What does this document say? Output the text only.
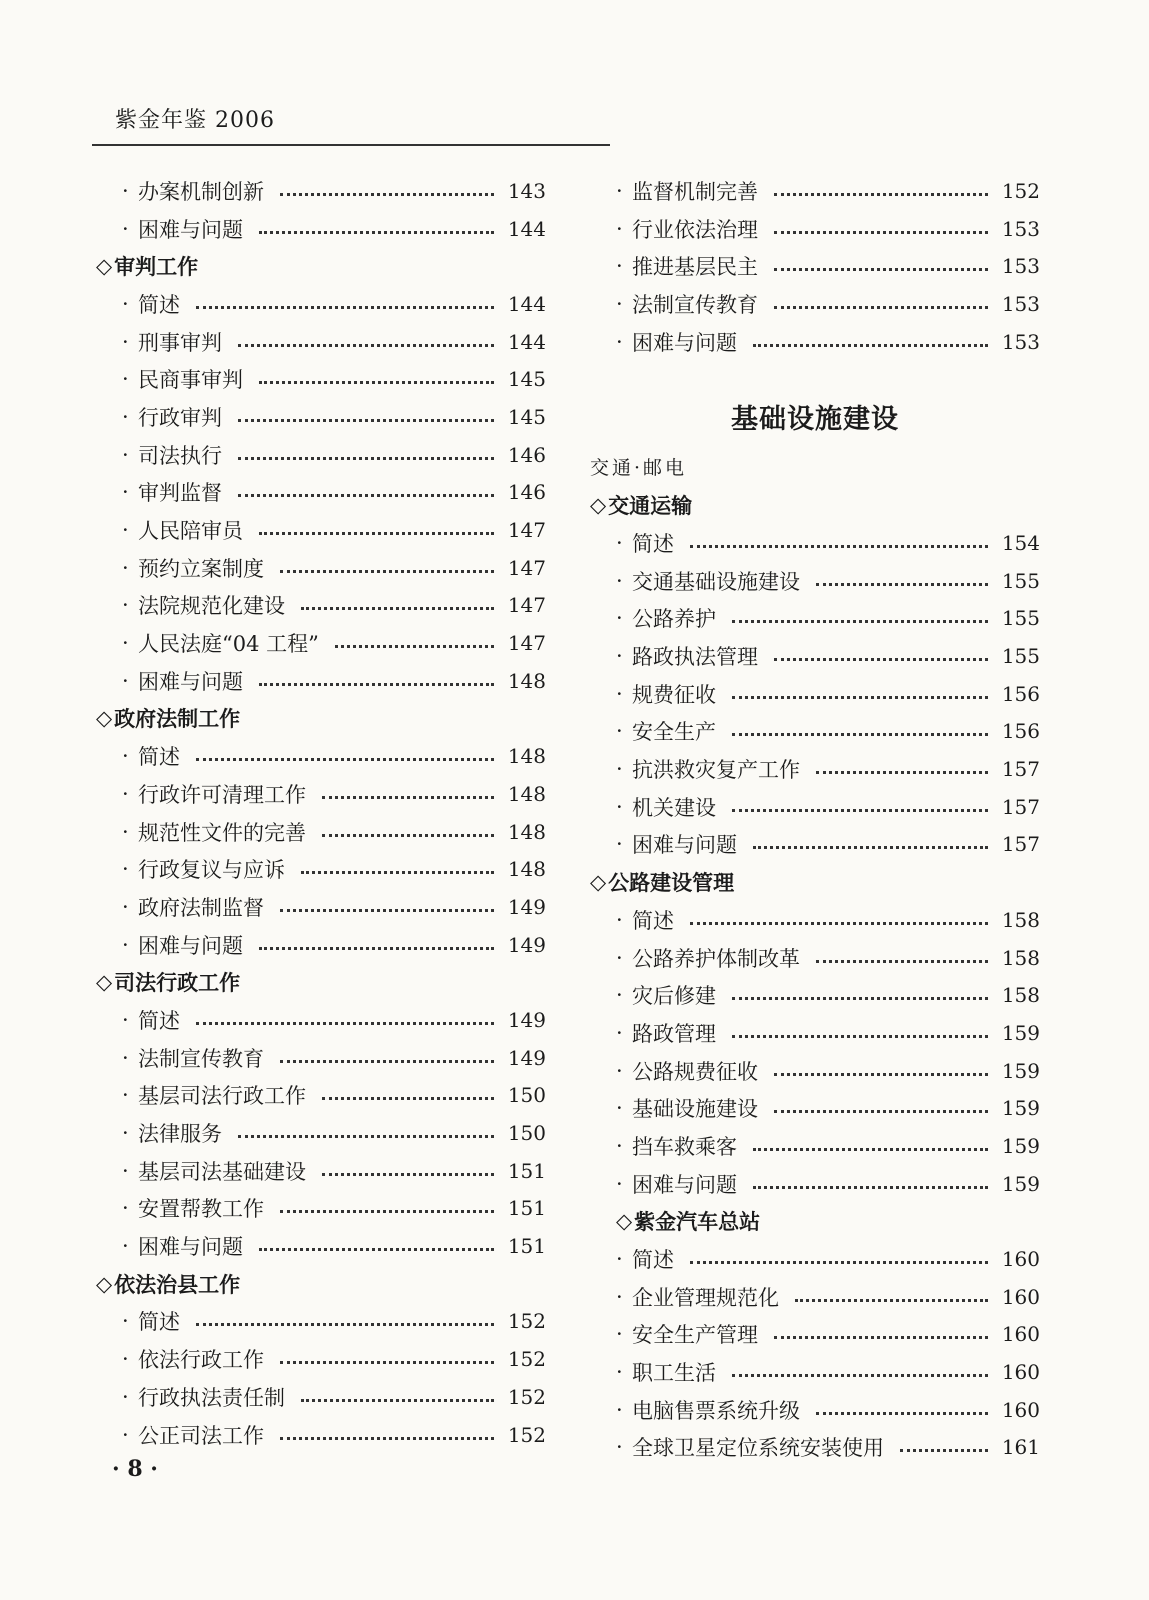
紫金年鉴 2006
· 办案机制创新	143
· 困难与问题	144
◇ 审判工作
· 简述	144
· 刑事审判	144
· 民商事审判	145
· 行政审判	145
· 司法执行	146
· 审判监督	146
· 人民陪审员	147
· 预约立案制度	147
· 法院规范化建设	147
· 人民法庭“04 工程”	147
· 困难与问题	148
◇ 政府法制工作
· 简述	148
· 行政许可清理工作	148
· 规范性文件的完善	148
· 行政复议与应诉	148
· 政府法制监督	149
· 困难与问题	149
◇ 司法行政工作
· 简述	149
· 法制宣传教育	149
· 基层司法行政工作	150
· 法律服务	150
· 基层司法基础建设	151
· 安置帮教工作	151
· 困难与问题	151
◇ 依法治县工作
· 简述	152
· 依法行政工作	152
· 行政执法责任制	152
· 公正司法工作	152
· 监督机制完善	152
· 行业依法治理	153
· 推进基层民主	153
· 法制宣传教育	153
· 困难与问题	153
基础设施建设
交通·邮电
◇ 交通运输
· 简述	154
· 交通基础设施建设	155
· 公路养护	155
· 路政执法管理	155
· 规费征收	156
· 安全生产	156
· 抗洪救灾复产工作	157
· 机关建设	157
· 困难与问题	157
◇ 公路建设管理
· 简述	158
· 公路养护体制改革	158
· 灾后修建	158
· 路政管理	159
· 公路规费征收	159
· 基础设施建设	159
· 挡车救乘客	159
· 困难与问题	159
◇ 紫金汽车总站
· 简述	160
· 企业管理规范化	160
· 安全生产管理	160
· 职工生活	160
· 电脑售票系统升级	160
· 全球卫星定位系统安装使用	161
· 8 ·
